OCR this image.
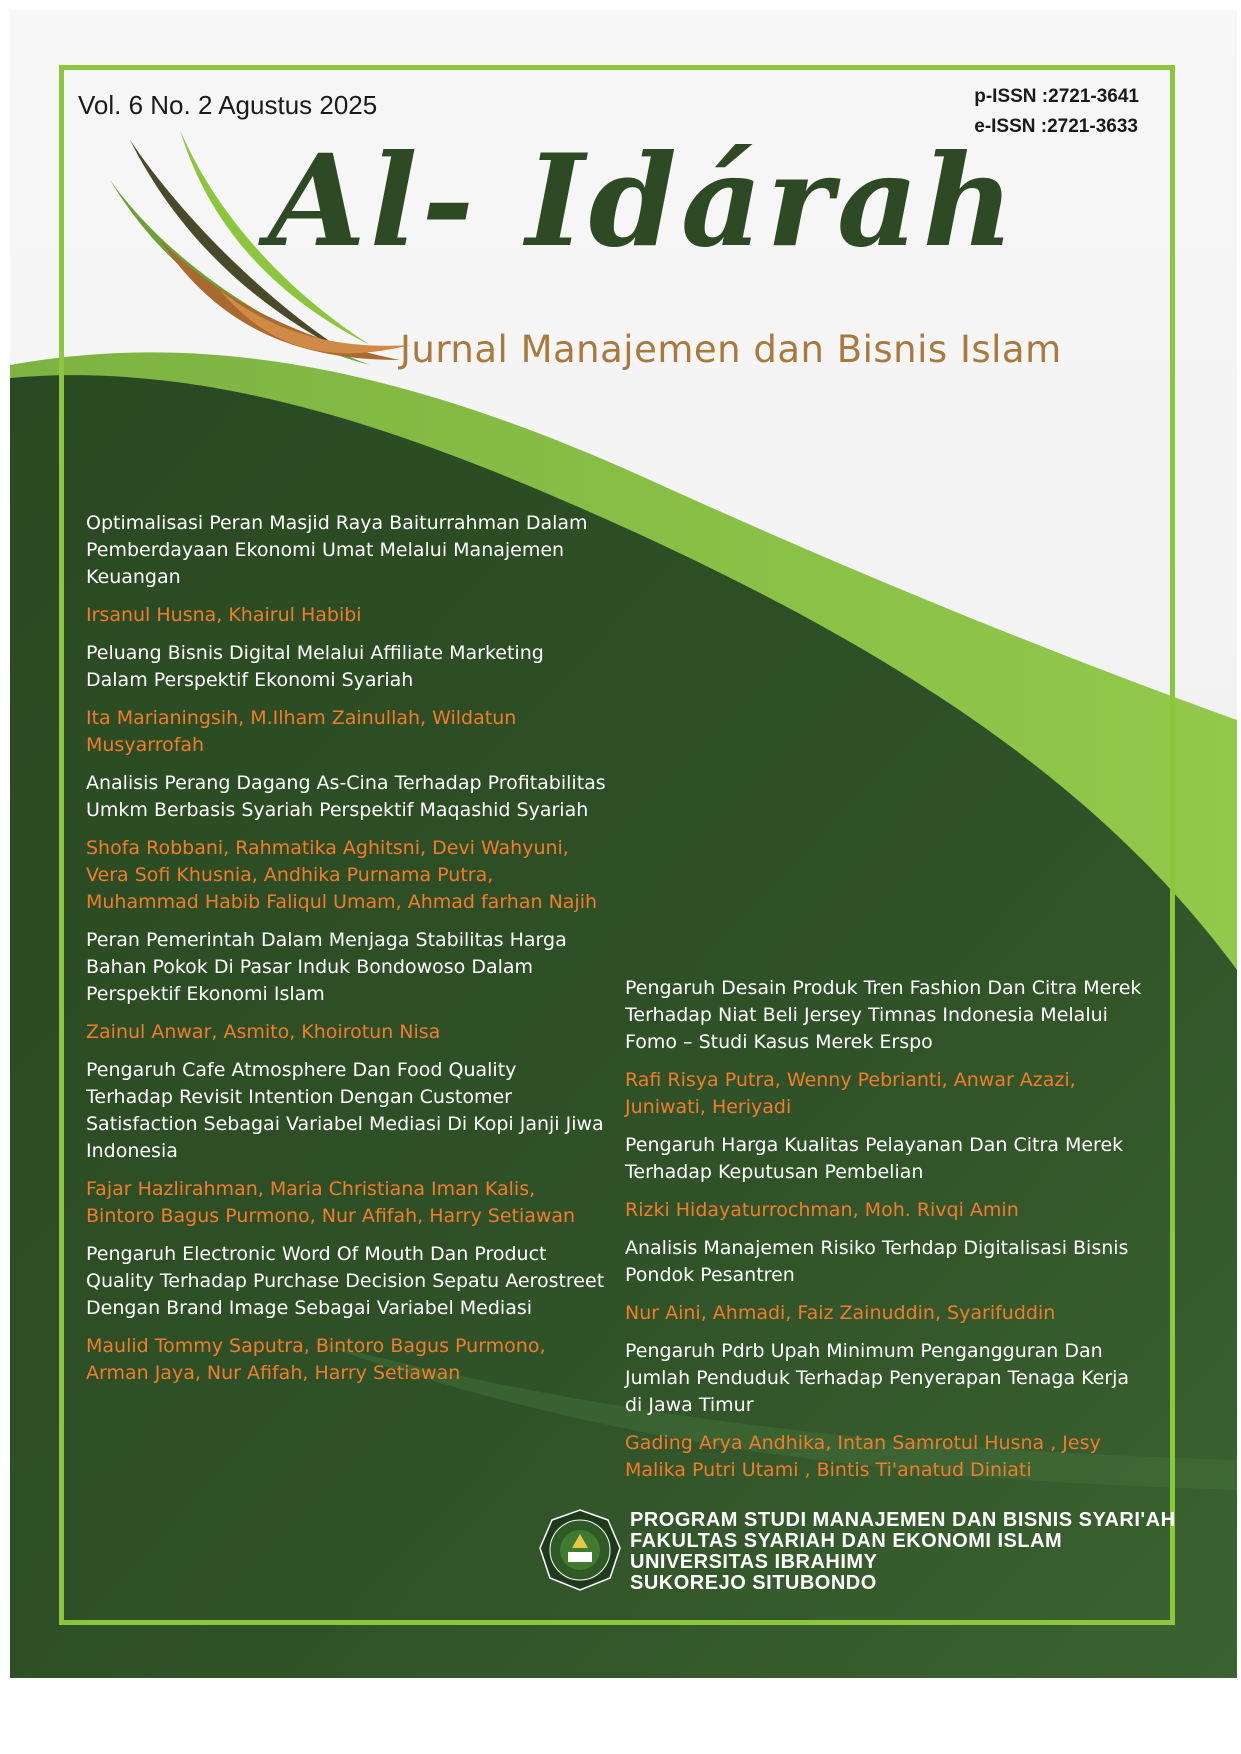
Vol. 6 No. 2 Agustus 2025	p-ISSN :2721-3641
e-ISSN :2721-3633
Al- Idárah
Jurnal Manajemen dan Bisnis Islam
Optimalisasi Peran Masjid Raya Baiturrahman Dalam Pemberdayaan Ekonomi Umat Melalui Manajemen Keuangan
Irsanul Husna, Khairul Habibi
Peluang Bisnis Digital Melalui Affiliate Marketing Dalam Perspektif Ekonomi Syariah
Ita Marianingsih, M.Ilham Zainullah, Wildatun Musyarrofah
Analisis Perang Dagang As-Cina Terhadap Profitabilitas Umkm Berbasis Syariah Perspektif Maqashid Syariah
Shofa Robbani, Rahmatika Aghitsni, Devi Wahyuni, Vera Sofi Khusnia, Andhika Purnama Putra, Muhammad Habib Faliqul Umam, Ahmad farhan Najih
Peran Pemerintah Dalam Menjaga Stabilitas Harga Bahan Pokok Di Pasar Induk Bondowoso Dalam Perspektif Ekonomi Islam
Zainul Anwar, Asmito, Khoirotun Nisa
Pengaruh Cafe Atmosphere Dan Food Quality Terhadap Revisit Intention Dengan Customer Satisfaction Sebagai Variabel Mediasi Di Kopi Janji Jiwa Indonesia
Fajar Hazlirahman, Maria Christiana Iman Kalis, Bintoro Bagus Purmono, Nur Afifah, Harry Setiawan
Pengaruh Electronic Word Of Mouth Dan Product Quality Terhadap Purchase Decision Sepatu Aerostreet Dengan Brand Image Sebagai Variabel Mediasi
Maulid Tommy Saputra, Bintoro Bagus Purmono, Arman Jaya, Nur Afifah, Harry Setiawan
Pengaruh Desain Produk Tren Fashion Dan Citra Merek Terhadap Niat Beli Jersey Timnas Indonesia Melalui Fomo – Studi Kasus Merek Erspo
Rafi Risya Putra, Wenny Pebrianti, Anwar Azazi, Juniwati, Heriyadi
Pengaruh Harga Kualitas Pelayanan Dan Citra Merek Terhadap Keputusan Pembelian
Rizki Hidayaturrochman, Moh. Rivqi Amin
Analisis Manajemen Risiko Terhdap Digitalisasi Bisnis Pondok Pesantren
Nur Aini, Ahmadi, Faiz Zainuddin, Syarifuddin
Pengaruh Pdrb Upah Minimum Pengangguran Dan Jumlah Penduduk Terhadap Penyerapan Tenaga Kerja di Jawa Timur
Gading Arya Andhika, Intan Samrotul Husna , Jesy Malika Putri Utami , Bintis Ti'anatud Diniati
PROGRAM STUDI MANAJEMEN DAN BISNIS SYARI'AH
FAKULTAS SYARIAH DAN EKONOMI ISLAM
UNIVERSITAS IBRAHIMY
SUKOREJO SITUBONDO
